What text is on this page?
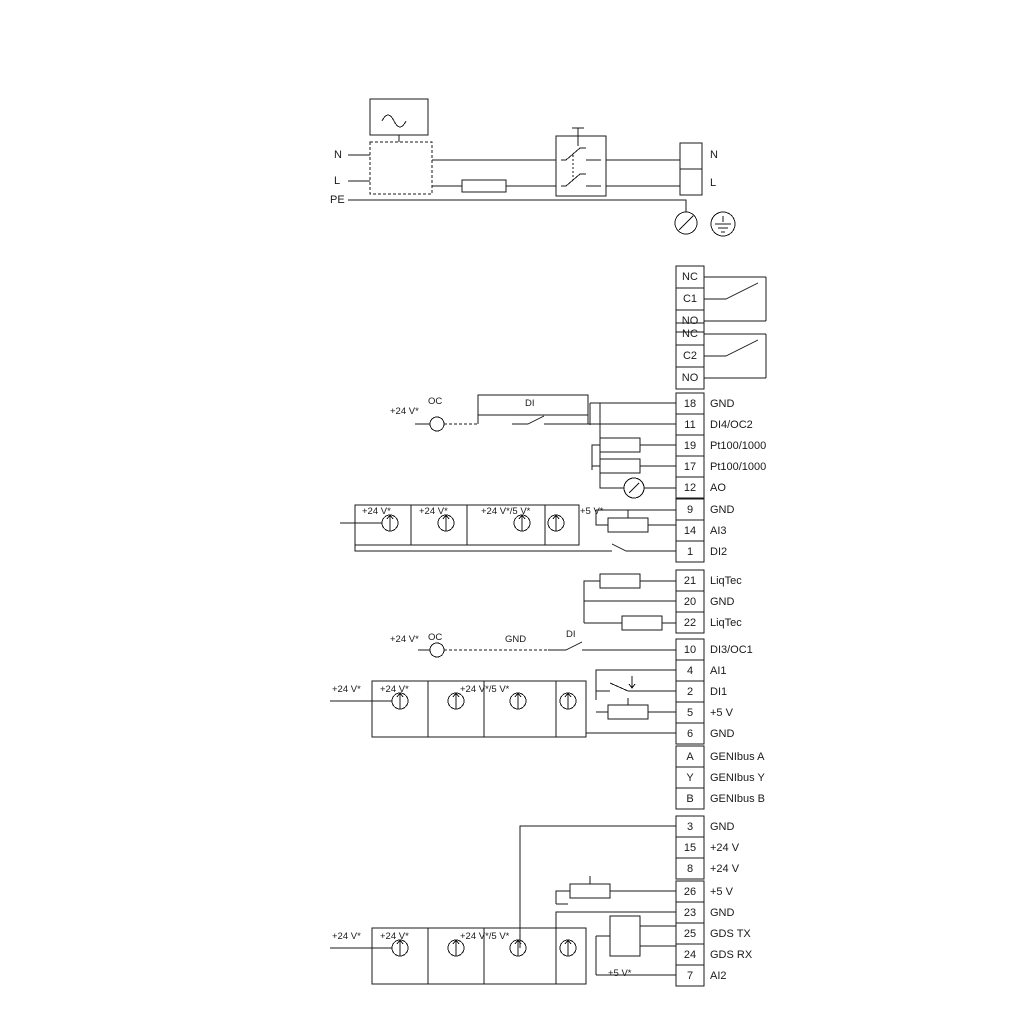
N
L
PE
N
L
NC
C1
NO
NC
C2
NO
18	GND
11	DI4/OC2
19	Pt100/1000
17	Pt100/1000
12	AO
9	GND
14	AI3
1	DI2
21	LiqTec
20	GND
22	LiqTec
10	DI3/OC1
4	AI1
2	DI1
5	+5 V
6	GND
A	GENIbus A
Y	GENIbus Y
B	GENIbus B
3	GND
15	+24 V
8	+24 V
26	+5 V
23	GND
25	GDS TX
24	GDS RX
7	AI2
+24 V*
OC	DI
+24 V*	+24 V*	+24 V*/5 V*	+5 V*
+24 V* OC	GND	DI
+24 V* +24 V*	+24 V*/5 V*
+24 V* +24 V*	+24 V*/5 V*
+5 V*
